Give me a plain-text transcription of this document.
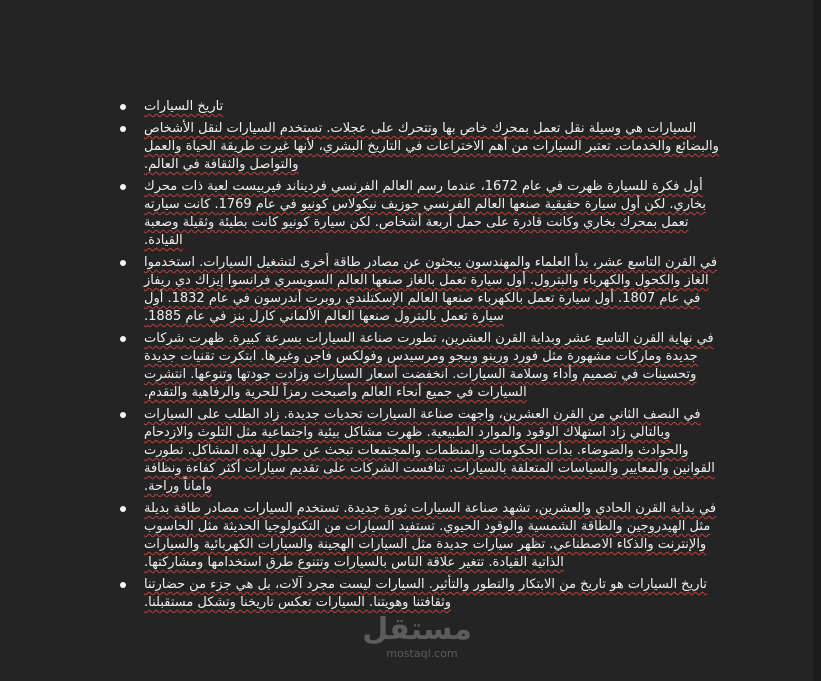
تاريخ السيارات
السيارات هي وسيلة نقل تعمل بمحرك خاص بها وتتحرك على عجلات. تستخدم السيارات لنقل الأشخاص والبضائع والخدمات. تعتبر السيارات من أهم الاختراعات في التاريخ البشري، لأنها غيرت طريقة الحياة والعمل والتواصل والثقافة في العالم.
أول فكرة للسيارة ظهرت في عام 1672، عندما رسم العالم الفرنسي فرديناند فيربيست لعبة ذات محرك بخاري. لكن أول سيارة حقيقية صنعها العالم الفرنسي جوزيف نيكولاس كونيو في عام 1769. كانت سيارته تعمل بمحرك بخاري وكانت قادرة على حمل أربعة أشخاص. لكن سيارة كونيو كانت بطيئة وثقيلة وصعبة القيادة.
في القرن التاسع عشر، بدأ العلماء والمهندسون يبحثون عن مصادر طاقة أخرى لتشغيل السيارات. استخدموا الغاز والكحول والكهرباء والبترول. أول سيارة تعمل بالغاز صنعها العالم السويسري فرانسوا إيزاك دي ريفاز في عام 1807. أول سيارة تعمل بالكهرباء صنعها العالم الإسكتلندي روبرت أندرسون في عام 1832. أول سيارة تعمل بالبترول صنعها العالم الألماني كارل بنز في عام 1885.
في نهاية القرن التاسع عشر وبداية القرن العشرين، تطورت صناعة السيارات بسرعة كبيرة. ظهرت شركات جديدة وماركات مشهورة مثل فورد ورينو وبيجو ومرسيدس وفولكس فاجن وغيرها. ابتكرت تقنيات جديدة وتحسينات في تصميم وأداء وسلامة السيارات. انخفضت أسعار السيارات وزادت جودتها وتنوعها. انتشرت السيارات في جميع أنحاء العالم وأصبحت رمزاً للحرية والرفاهية والتقدم.
في النصف الثاني من القرن العشرين، واجهت صناعة السيارات تحديات جديدة. زاد الطلب على السيارات وبالتالي زاد استهلاك الوقود والموارد الطبيعية. ظهرت مشاكل بيئية واجتماعية مثل التلوث والازدحام والحوادث والضوضاء. بدأت الحكومات والمنظمات والمجتمعات تبحث عن حلول لهذه المشاكل. تطورت القوانين والمعايير والسياسات المتعلقة بالسيارات. تنافست الشركات على تقديم سيارات أكثر كفاءة ونظافة وأماناً وراحة.
في بداية القرن الحادي والعشرين، تشهد صناعة السيارات ثورة جديدة. تستخدم السيارات مصادر طاقة بديلة مثل الهيدروجين والطاقة الشمسية والوقود الحيوي. تستفيد السيارات من التكنولوجيا الحديثة مثل الحاسوب والإنترنت والذكاء الاصطناعي. تظهر سيارات جديدة مثل السيارات الهجينة والسيارات الكهربائية والسيارات الذاتية القيادة. تتغير علاقة الناس بالسيارات وتتنوع طرق استخدامها ومشاركتها.
تاريخ السيارات هو تاريخ من الابتكار والتطور والتأثير. السيارات ليست مجرد آلات، بل هي جزء من حضارتنا وثقافتنا وهويتنا. السيارات تعكس تاريخنا وتشكل مستقبلنا.
مستقل
mostaql.com
